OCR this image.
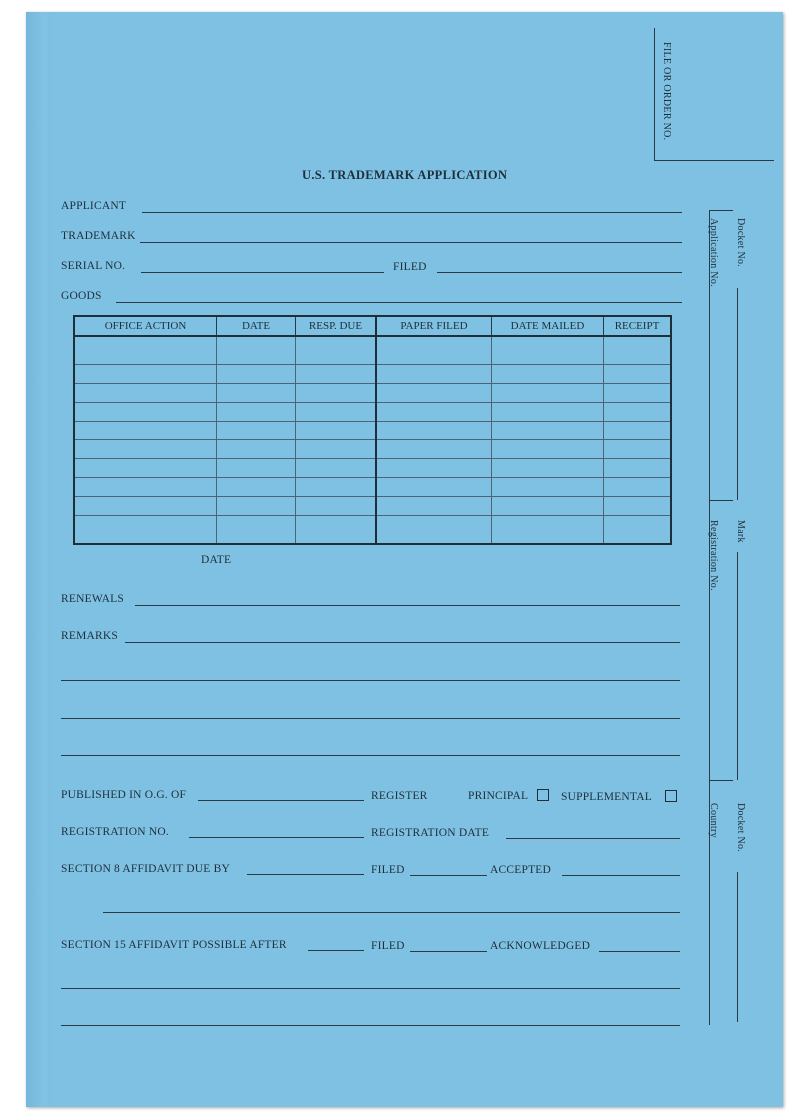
FILE OR ORDER NO.
U.S. TRADEMARK APPLICATION
APPLICANT
TRADEMARK
SERIAL NO.	FILED
GOODS
OFFICE ACTION	DATE	RESP. DUE	PAPER FILED	DATE MAILED	RECEIPT

DATE
RENEWALS
REMARKS
PUBLISHED IN O.G. OF	REGISTER	PRINCIPAL	SUPPLEMENTAL
REGISTRATION NO.	REGISTRATION DATE
SECTION 8 AFFIDAVIT DUE BY	FILED	ACCEPTED
SECTION 15 AFFIDAVIT POSSIBLE AFTER	FILED	ACKNOWLEDGED
Docket No.
Application No.
Mark
Registration No.
Docket No.
Country
